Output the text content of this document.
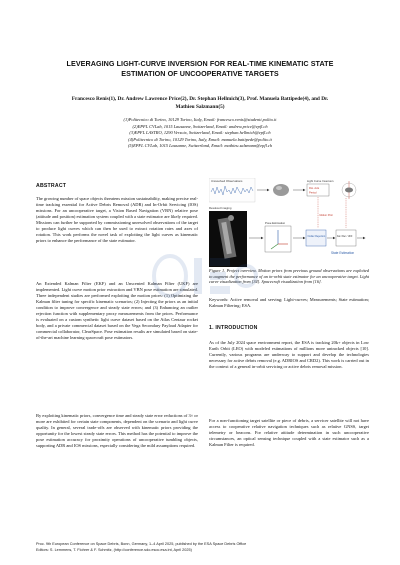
LEVERAGING LIGHT-CURVE INVERSION FOR REAL-TIME KINEMATIC STATE
ESTIMATION OF UNCOOPERATIVE TARGETS
Francesco Renis(1), Dr. Andrew Lawrence Price(2), Dr. Stephan Hellmich(3), Prof. Manuela Battipede(4), and Dr.
Mathieu Salzmann(5)
(1)Politecnico di Torino, 10129 Torino, Italy, Email: francesco.renis@studenti.polito.it
(2)EPFL CVLab, 1015 Lausanne, Switzerland, Email: andrew.price@epfl.ch
(3)EPFL LASTRO, 1290 Versoix, Switzerland, Email: stephan.hellmich@epfl.ch
(4)Politecnico di Torino, 10129 Torino, Italy, Email: manuela.battipede@polito.it
(5)EPFL CVLab, 1015 Lausanne, Switzerland, Email: mathieu.salzmann@epfl.ch
ABSTRACT

The growing number of space objects threatens mission sustainability, making precise real-time tracking essential for Active Debris Removal (ADR) and In-Orbit Servicing (IOS) missions. For an uncooperative target, a Vision Based Navigation (VBN) relative pose (attitude and position) estimation system coupled with a state estimator are likely required. Missions can further be supported by commissioning unresolved observations of the target to produce light curves which can then be used to extract rotation rates and axes of rotation. This work performs the novel task of exploiting the light curves as kinematic priors to enhance the performance of the state estimator.

An Extended Kalman Filter (EKF) and an Unscented Kalman Filter (UKF) are implemented. Light curve motion prior extraction and VBN pose estimation are simulated. Three independent studies are performed exploiting the motion priors: (1) Optimizing the Kalman filter tuning for specific kinematic scenarios; (2) Injecting the priors as an initial condition to improve convergence and steady state errors; and (3) Enhancing an outlier rejection function with supplementary proxy measurements from the priors. Performance is evaluated on a custom synthetic light curve dataset based on the Atlas Centaur rocket body, and a private commercial dataset based on the Vega Secondary Payload Adapter for commercial collaborator, ClearSpace. Pose estimation results are simulated based on state-of-the-art machine learning spacecraft pose estimators.

By exploiting kinematic priors, convergence time and steady state error reductions of 3× or more are exhibited for certain state components, dependent on the scenario and light curve quality. In general, several trade-offs are observed with kinematic priors providing the opportunity for the lowest steady state errors. This method has the potential to improve the pose estimation accuracy for proximity operations of uncooperative tumbling objects, supporting ADR and IOS missions, especially considering the mild assumptions required.

Unresolved Observations	Light Curve Inversion
Rot. Axis
Period
Resolved Imaging
Pose Estimation
Outlier Rejection	Kal. filter / UKF
Motion Prior
State Estimation
Figure 1. Project overview. Motion priors from previous ground observations are exploited to augment the performance of an in-orbit state estimator for an uncooperative target. Light curve visualization from [34]. Spacecraft visualization from [16].

Keywords: Active removal and serving; Light-curves; Measurements; State estimation; Kalman Filtering; ESA.

1. INTRODUCTION

As of the July 2024 space environment report, the ESA is tracking 20k+ objects in Low Earth Orbit (LEO) with modeled estimations of millions more untracked objects [10]. Currently, various programs are underway to support and develop the technologies necessary for active debris removal (e.g. ADRIOS and CRD2). This work is carried out in the context of a general in-orbit servicing or active debris removal mission.

For a non-functioning target satellite or piece of debris, a servicer satellite will not have access to cooperative relative navigation techniques such as relative GNSS, target telemetry or beacons. For relative attitude determination in such uncooperative circumstances, an optical sensing technique coupled with a state estimator such as a Kalman Filter is required.

Proc. 9th European Conference on Space Debris, Bonn, Germany, 1–4 April 2025, published by the ESA Space Debris Office
Editors: S. Lemmens, T. Flohrer & F. Schmitz, (http://conference.sdo.esoc.esa.int, April 2025)
